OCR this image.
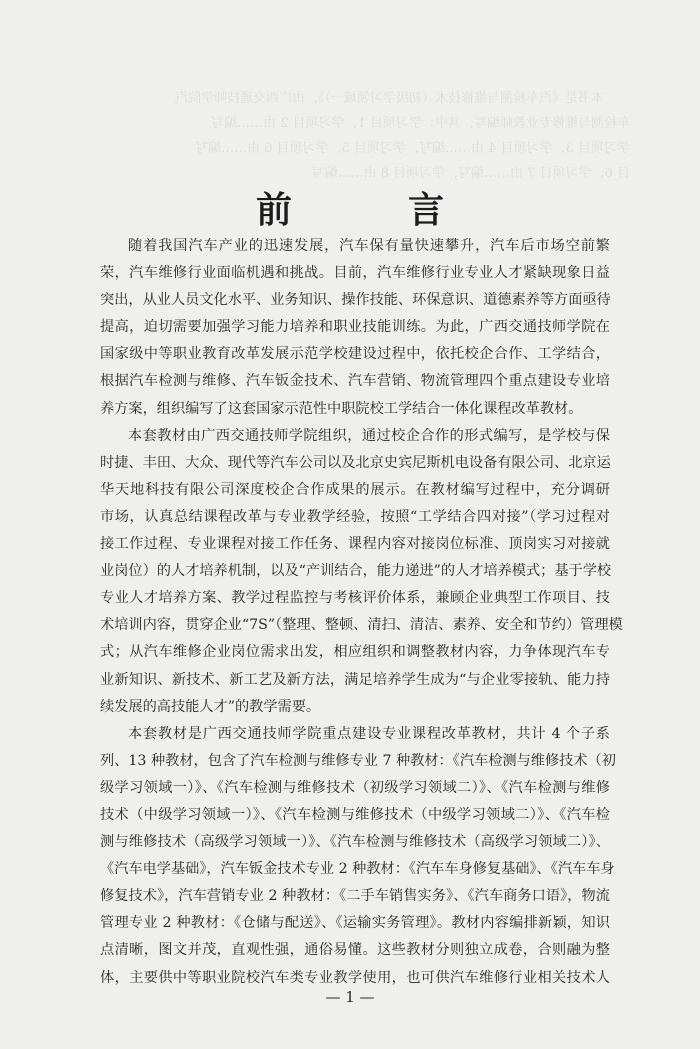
　　本书是《汽车检测与维修技术（初级学习领域一）》，由广西交通技师学院汽
车检测与维修专业教师编写，其中：学习项目 1、学习项目 2 由……编写
学习项目 3、学习项目 4 由……编写，学习项目 5、学习项目 6 由……编写
目 6、学习项目 7 由……编写，学习项目 8 由……编写
前　言
随着我国汽车产业的迅速发展，汽车保有量快速攀升，汽车后市场空前繁
荣，汽车维修行业面临机遇和挑战。目前，汽车维修行业专业人才紧缺现象日益
突出，从业人员文化水平、业务知识、操作技能、环保意识、道德素养等方面亟待
提高，迫切需要加强学习能力培养和职业技能训练。为此，广西交通技师学院在
国家级中等职业教育改革发展示范学校建设过程中，依托校企合作、工学结合，
根据汽车检测与维修、汽车钣金技术、汽车营销、物流管理四个重点建设专业培
养方案，组织编写了这套国家示范性中职院校工学结合一体化课程改革教材。
本套教材由广西交通技师学院组织，通过校企合作的形式编写，是学校与保
时捷、丰田、大众、现代等汽车公司以及北京史宾尼斯机电设备有限公司、北京运
华天地科技有限公司深度校企合作成果的展示。在教材编写过程中，充分调研
市场，认真总结课程改革与专业教学经验，按照“工学结合四对接”（学习过程对
接工作过程、专业课程对接工作任务、课程内容对接岗位标准、顶岗实习对接就
业岗位）的人才培养机制，以及“产训结合，能力递进”的人才培养模式；基于学校
专业人才培养方案、教学过程监控与考核评价体系，兼顾企业典型工作项目、技
术培训内容，贯穿企业“7S”（整理、整顿、清扫、清洁、素养、安全和节约）管理模
式；从汽车维修企业岗位需求出发，相应组织和调整教材内容，力争体现汽车专
业新知识、新技术、新工艺及新方法，满足培养学生成为“与企业零接轨、能力持
续发展的高技能人才”的教学需要。
本套教材是广西交通技师学院重点建设专业课程改革教材，共计 4 个子系
列、13 种教材，包含了汽车检测与维修专业 7 种教材：《汽车检测与维修技术（初
级学习领域一）》、《汽车检测与维修技术（初级学习领域二）》、《汽车检测与维修
技术（中级学习领域一）》、《汽车检测与维修技术（中级学习领域二）》、《汽车检
测与维修技术（高级学习领域一）》、《汽车检测与维修技术（高级学习领域二）》、
《汽车电学基础》，汽车钣金技术专业 2 种教材：《汽车车身修复基础》、《汽车车身
修复技术》，汽车营销专业 2 种教材：《二手车销售实务》、《汽车商务口语》，物流
管理专业 2 种教材：《仓储与配送》、《运输实务管理》。教材内容编排新颖，知识
点清晰，图文并茂，直观性强，通俗易懂。这些教材分则独立成卷，合则融为整
体，主要供中等职业院校汽车类专业教学使用，也可供汽车维修行业相关技术人
— 1 —
